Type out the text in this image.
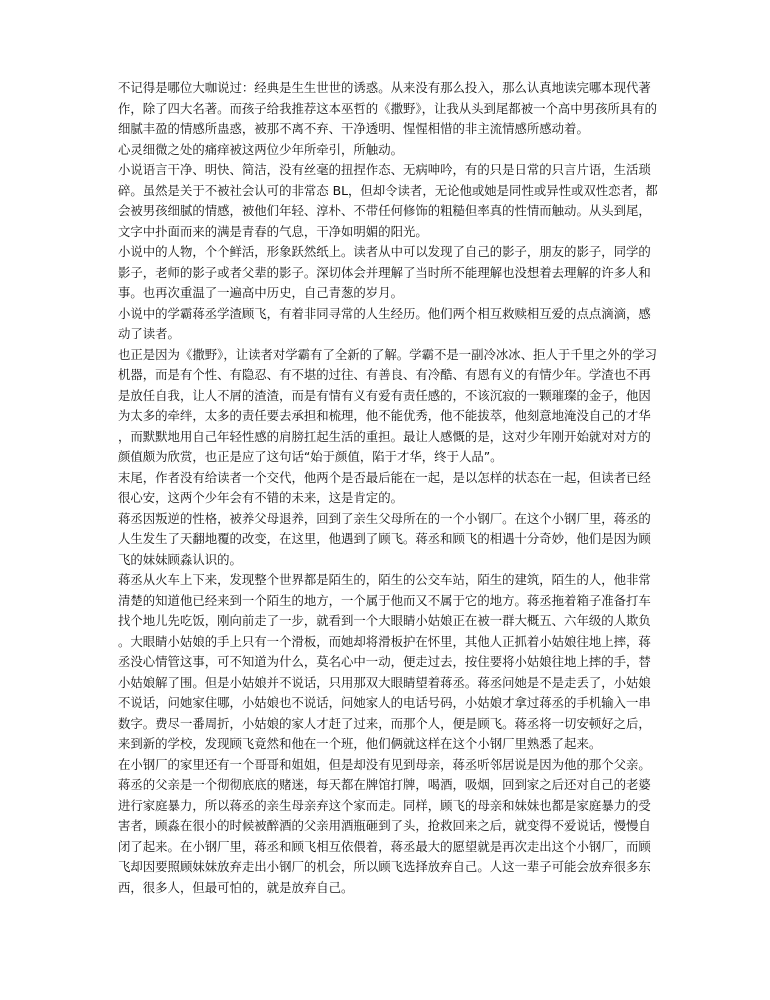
不记得是哪位大咖说过：经典是生生世世的诱惑。从来没有那么投入，那么认真地读完哪本现代著作，除了四大名著。而孩子给我推荐这本巫哲的《撒野》，让我从头到尾都被一个高中男孩所具有的细腻丰盈的情感所蛊惑，被那不离不弃、干净透明、惺惺相惜的非主流情感所感动着。

心灵细微之处的痛痒被这两位少年所牵引，所触动。

小说语言干净、明快、简洁，没有丝毫的扭捏作态、无病呻吟，有的只是日常的只言片语，生活琐碎。虽然是关于不被社会认可的非常态 BL，但却令读者，无论他或她是同性或异性或双性恋者，都会被男孩细腻的情感，被他们年轻、淳朴、不带任何修饰的粗糙但率真的性情而触动。从头到尾，文字中扑面而来的满是青春的气息，干净如明媚的阳光。

小说中的人物，个个鲜活，形象跃然纸上。读者从中可以发现了自己的影子，朋友的影子，同学的影子，老师的影子或者父辈的影子。深切体会并理解了当时所不能理解也没想着去理解的许多人和事。也再次重温了一遍高中历史，自己青葱的岁月。

小说中的学霸蒋丞学渣顾飞，有着非同寻常的人生经历。他们两个相互救赎相互爱的点点滴滴，感动了读者。

也正是因为《撒野》，让读者对学霸有了全新的了解。学霸不是一副冷冰冰、拒人于千里之外的学习机器，而是有个性、有隐忍、有不堪的过往、有善良、有冷酷、有恩有义的有情少年。学渣也不再是放任自我，让人不屑的渣渣，而是有情有义有爱有责任感的，不该沉寂的一颗璀璨的金子，他因为太多的牵绊，太多的责任要去承担和梳理，他不能优秀，他不能拔萃，他刻意地淹没自己的才华，而默默地用自己年轻性感的肩膀扛起生活的重担。最让人感慨的是，这对少年刚开始就对对方的颜值颇为欣赏，也正是应了这句话“始于颜值，陷于才华，终于人品”。

末尾，作者没有给读者一个交代，他两个是否最后能在一起，是以怎样的状态在一起，但读者已经很心安，这两个少年会有不错的未来，这是肯定的。

蒋丞因叛逆的性格，被养父母退养，回到了亲生父母所在的一个小钢厂。在这个小钢厂里，蒋丞的人生发生了天翻地覆的改变，在这里，他遇到了顾飞。蒋丞和顾飞的相遇十分奇妙，他们是因为顾飞的妹妹顾淼认识的。

蒋丞从火车上下来，发现整个世界都是陌生的，陌生的公交车站，陌生的建筑，陌生的人，他非常清楚的知道他已经来到一个陌生的地方，一个属于他而又不属于它的地方。蒋丞拖着箱子准备打车找个地儿先吃饭，刚向前走了一步，就看到一个大眼睛小姑娘正在被一群大概五、六年级的人欺负。大眼睛小姑娘的手上只有一个滑板，而她却将滑板护在怀里，其他人正抓着小姑娘往地上摔，蒋丞没心情管这事，可不知道为什么，莫名心中一动，便走过去，按住要将小姑娘往地上摔的手，替小姑娘解了围。但是小姑娘并不说话，只用那双大眼睛望着蒋丞。蒋丞问她是不是走丢了，小姑娘不说话，问她家住哪，小姑娘也不说话，问她家人的电话号码，小姑娘才拿过蒋丞的手机输入一串数字。费尽一番周折，小姑娘的家人才赶了过来，而那个人，便是顾飞。蒋丞将一切安顿好之后，来到新的学校，发现顾飞竟然和他在一个班，他们俩就这样在这个小钢厂里熟悉了起来。

在小钢厂的家里还有一个哥哥和姐姐，但是却没有见到母亲，蒋丞听邻居说是因为他的那个父亲。蒋丞的父亲是一个彻彻底底的赌迷，每天都在牌馆打牌，喝酒，吸烟，回到家之后还对自己的老婆进行家庭暴力，所以蒋丞的亲生母亲弃这个家而走。同样，顾飞的母亲和妹妹也都是家庭暴力的受害者，顾淼在很小的时候被醉酒的父亲用酒瓶砸到了头，抢救回来之后，就变得不爱说话，慢慢自闭了起来。在小钢厂里，蒋丞和顾飞相互依偎着，蒋丞最大的愿望就是再次走出这个小钢厂，而顾飞却因要照顾妹妹放弃走出小钢厂的机会，所以顾飞选择放弃自己。人这一辈子可能会放弃很多东西，很多人，但最可怕的，就是放弃自己。
